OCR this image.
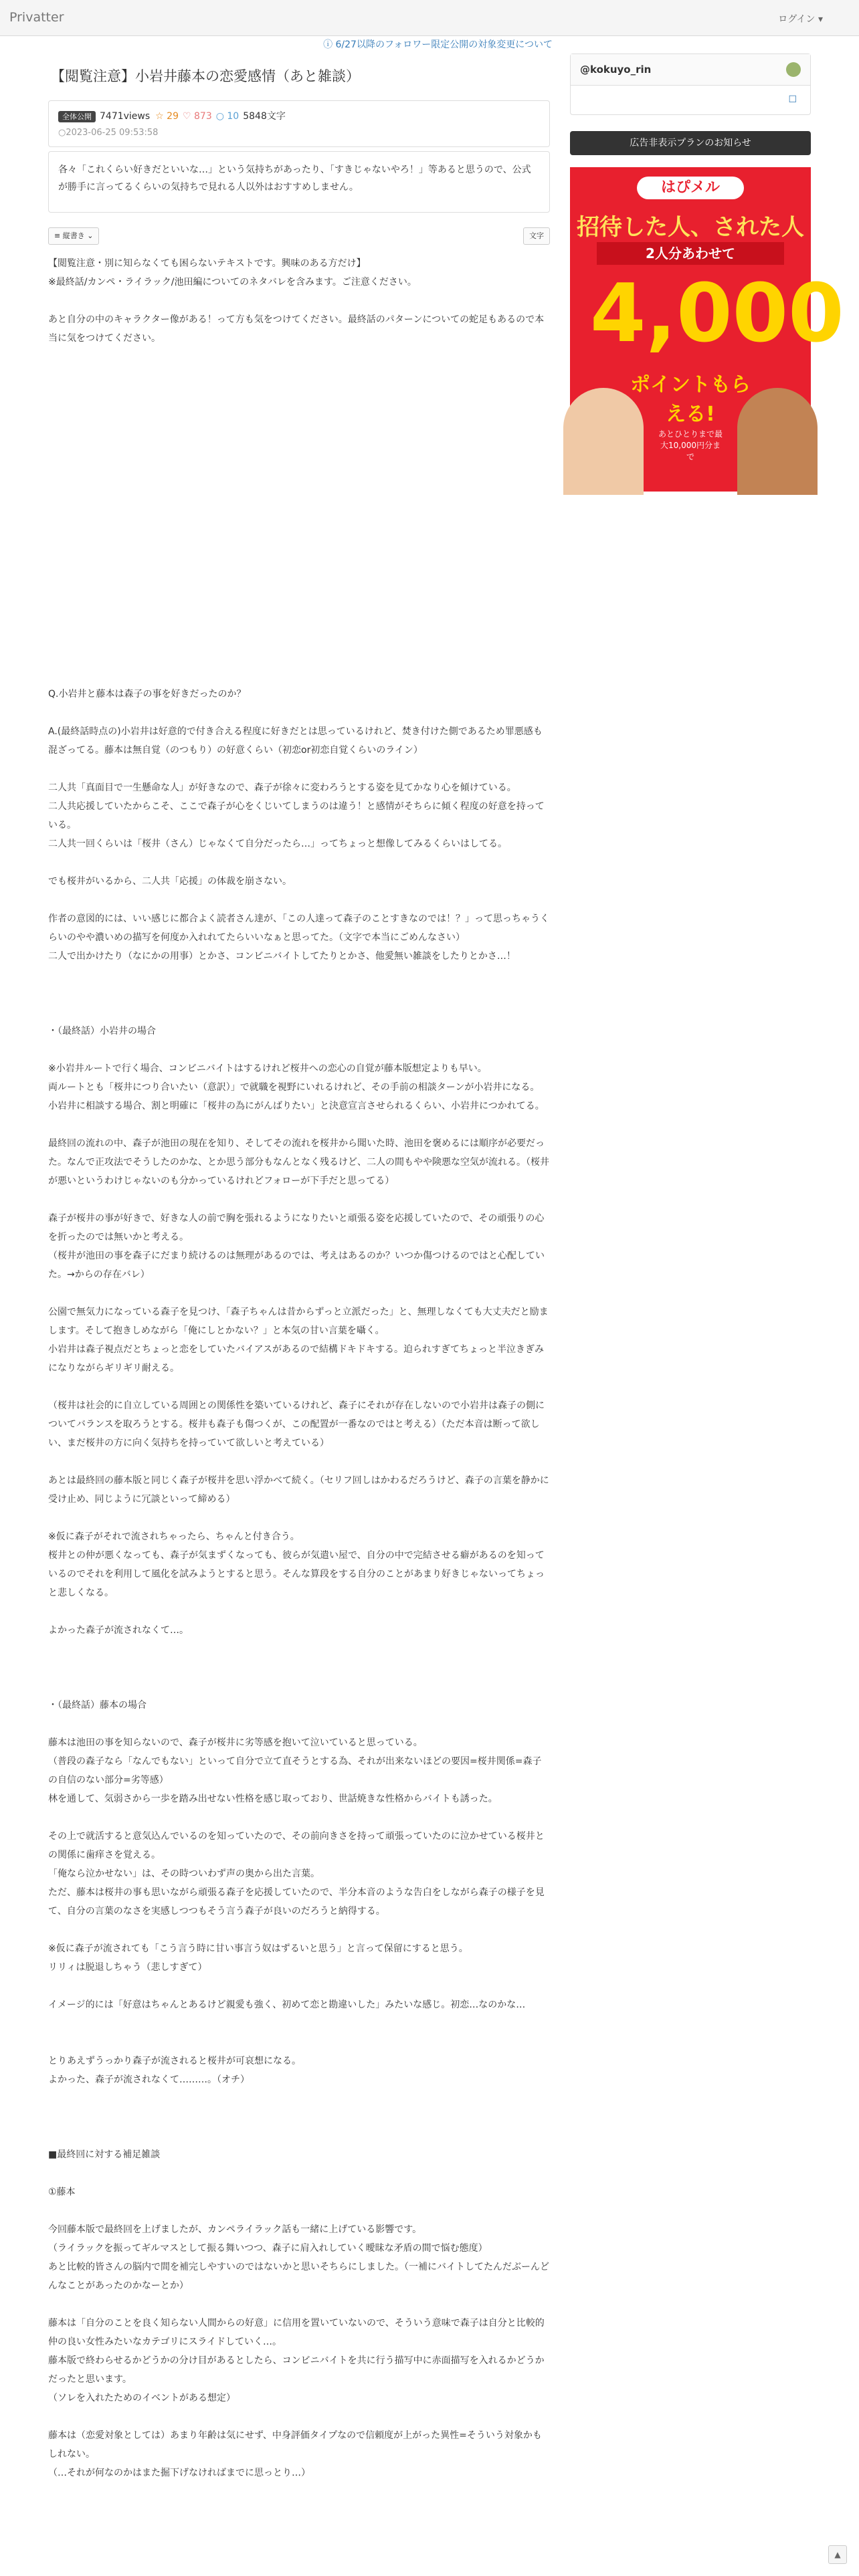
Privatter	ログイン ▾
ⓘ 6/27以降のフォロワー限定公開の対象変更について
【閲覧注意】小岩井藤本の恋愛感情（あと雑談）
全体公開 7471views ☆ 29 ♡ 873 ○ 10 5848文字
○2023-06-25 09:53:58
各々「これくらい好きだといいな…」という気持ちがあったり、「すきじゃないやろ！」等あると思うので、公式が勝手に言ってるくらいの気持ちで見れる人以外はおすすめしません。
≡ 縦書き ⌄	文字
【閲覧注意・別に知らなくても困らないテキストです。興味のある方だけ】
※最終話/カンペ・ライラック/池田編についてのネタバレを含みます。ご注意ください。

あと自分の中のキャラクター像がある！って方も気をつけてください。最終話のパターンについての蛇足もあるので本当に気をつけてください。
Q.小岩井と藤本は森子の事を好きだったのか？

A.(最終話時点の)小岩井は好意的で付き合える程度に好きだとは思っているけれど、焚き付けた側であるため罪悪感も混ざってる。藤本は無自覚（のつもり）の好意くらい（初恋or初恋自覚くらいのライン）

二人共「真面目で一生懸命な人」が好きなので、森子が徐々に変わろうとする姿を見てかなり心を傾けている。
二人共応援していたからこそ、ここで森子が心をくじいてしまうのは違う！と感情がそちらに傾く程度の好意を持っている。
二人共一回くらいは「桜井（さん）じゃなくて自分だったら…」ってちょっと想像してみるくらいはしてる。

でも桜井がいるから、二人共「応援」の体裁を崩さない。

作者の意図的には、いい感じに都合よく読者さん達が、「この人達って森子のことすきなのでは！？」って思っちゃうくらいのやや濃いめの描写を何度か入れれてたらいいなぁと思ってた。（文字で本当にごめんなさい）
二人で出かけたり（なにかの用事）とかさ、コンビニバイトしてたりとかさ、他愛無い雑談をしたりとかさ…！

・（最終話）小岩井の場合

※小岩井ルートで行く場合、コンビニバイトはするけれど桜井への恋心の自覚が藤本版想定よりも早い。
両ルートとも「桜井につり合いたい（意訳）」で就職を視野にいれるけれど、その手前の相談ターンが小岩井になる。
小岩井に相談する場合、割と明確に「桜井の為にがんばりたい」と決意宣言させられるくらい、小岩井につかれてる。

最終回の流れの中、森子が池田の現在を知り、そしてその流れを桜井から聞いた時、池田を褒めるには順序が必要だった。なんで正攻法でそうしたのかな、とか思う部分もなんとなく残るけど、二人の間もやや険悪な空気が流れる。（桜井が悪いというわけじゃないのも分かっているけれどフォローが下手だと思ってる）

森子が桜井の事が好きで、好きな人の前で胸を張れるようになりたいと頑張る姿を応援していたので、その頑張りの心を折ったのでは無いかと考える。
（桜井が池田の事を森子にだまり続けるのは無理があるのでは、考えはあるのか？いつか傷つけるのではと心配していた。→からの存在バレ）

公園で無気力になっている森子を見つけ、「森子ちゃんは昔からずっと立派だった」と、無理しなくても大丈夫だと励まします。そして抱きしめながら「俺にしとかない？」と本気の甘い言葉を囁く。
小岩井は森子視点だとちょっと恋をしていたバイアスがあるので結構ドキドキする。迫られすぎてちょっと半泣きぎみになりながらギリギリ耐える。

（桜井は社会的に自立している周囲との関係性を築いているけれど、森子にそれが存在しないので小岩井は森子の側についてバランスを取ろうとする。桜井も森子も傷つくが、この配置が一番なのではと考える）（ただ本音は断って欲しい、まだ桜井の方に向く気持ちを持っていて欲しいと考えている）

あとは最終回の藤本版と同じく森子が桜井を思い浮かべて続く。（セリフ回しはかわるだろうけど、森子の言葉を静かに受け止め、同じように冗談といって締める）

※仮に森子がそれで流されちゃったら、ちゃんと付き合う。
桜井との仲が悪くなっても、森子が気まずくなっても、彼らが気遣い屋で、自分の中で完結させる癖があるのを知っているのでそれを利用して風化を試みようとすると思う。そんな算段をする自分のことがあまり好きじゃないってちょっと悲しくなる。

よかった森子が流されなくて…。

・（最終話）藤本の場合

藤本は池田の事を知らないので、森子が桜井に劣等感を抱いて泣いていると思っている。
（普段の森子なら「なんでもない」といって自分で立て直そうとする為、それが出来ないほどの要因=桜井関係=森子の自信のない部分=劣等感）
林を通して、気弱さから一歩を踏み出せない性格を感じ取っており、世話焼きな性格からバイトも誘った。

その上で就活すると意気込んでいるのを知っていたので、その前向きさを持って頑張っていたのに泣かせている桜井との関係に歯痒さを覚える。
「俺なら泣かせない」は、その時ついわず声の奥から出た言葉。
ただ、藤本は桜井の事も思いながら頑張る森子を応援していたので、半分本音のような告白をしながら森子の様子を見て、自分の言葉のなさを実感しつつもそう言う森子が良いのだろうと納得する。

※仮に森子が流されても「こう言う時に甘い事言う奴はずるいと思う」と言って保留にすると思う。
リリィは脱退しちゃう（悲しすぎて）

イメージ的には「好意はちゃんとあるけど親愛も強く、初めて恋と勘違いした」みたいな感じ。初恋…なのかな…

とりあえずうっかり森子が流されると桜井が可哀想になる。
よかった、森子が流されなくて………。（オチ）

■最終回に対する補足雑談

①藤本

今回藤本版で最終回を上げましたが、カンペライラック話も一緒に上げている影響です。
（ライラックを振ってギルマスとして振る舞いつつ、森子に肩入れしていく曖昧な矛盾の間で悩む態度）
あと比較的皆さんの脳内で間を補完しやすいのではないかと思いそちらにしました。（一補にバイトしてたんだぶーんどんなことがあったのかなーとか）

藤本は「自分のことを良く知らない人間からの好意」に信用を置いていないので、そういう意味で森子は自分と比較的仲の良い女性みたいなカテゴリにスライドしていく…。
藤本版で終わらせるかどうかの分け目があるとしたら、コンビニバイトを共に行う描写中に赤面描写を入れるかどうかだったと思います。
（ソレを入れたためのイベントがある想定）

藤本は（恋愛対象としては）あまり年齢は気にせず、中身評価タイプなので信頼度が上がった異性=そういう対象かもしれない。
（…それが何なのかはまた掘下げなければまでに思っとり…）
@kokuyo_rin
☐
広告非表示プランのお知らせ
はぴメル
招待した人、された人
2人分あわせて
4,000
ポイントもらえる!
あとひとりまで最大10,000円分まで
▲
